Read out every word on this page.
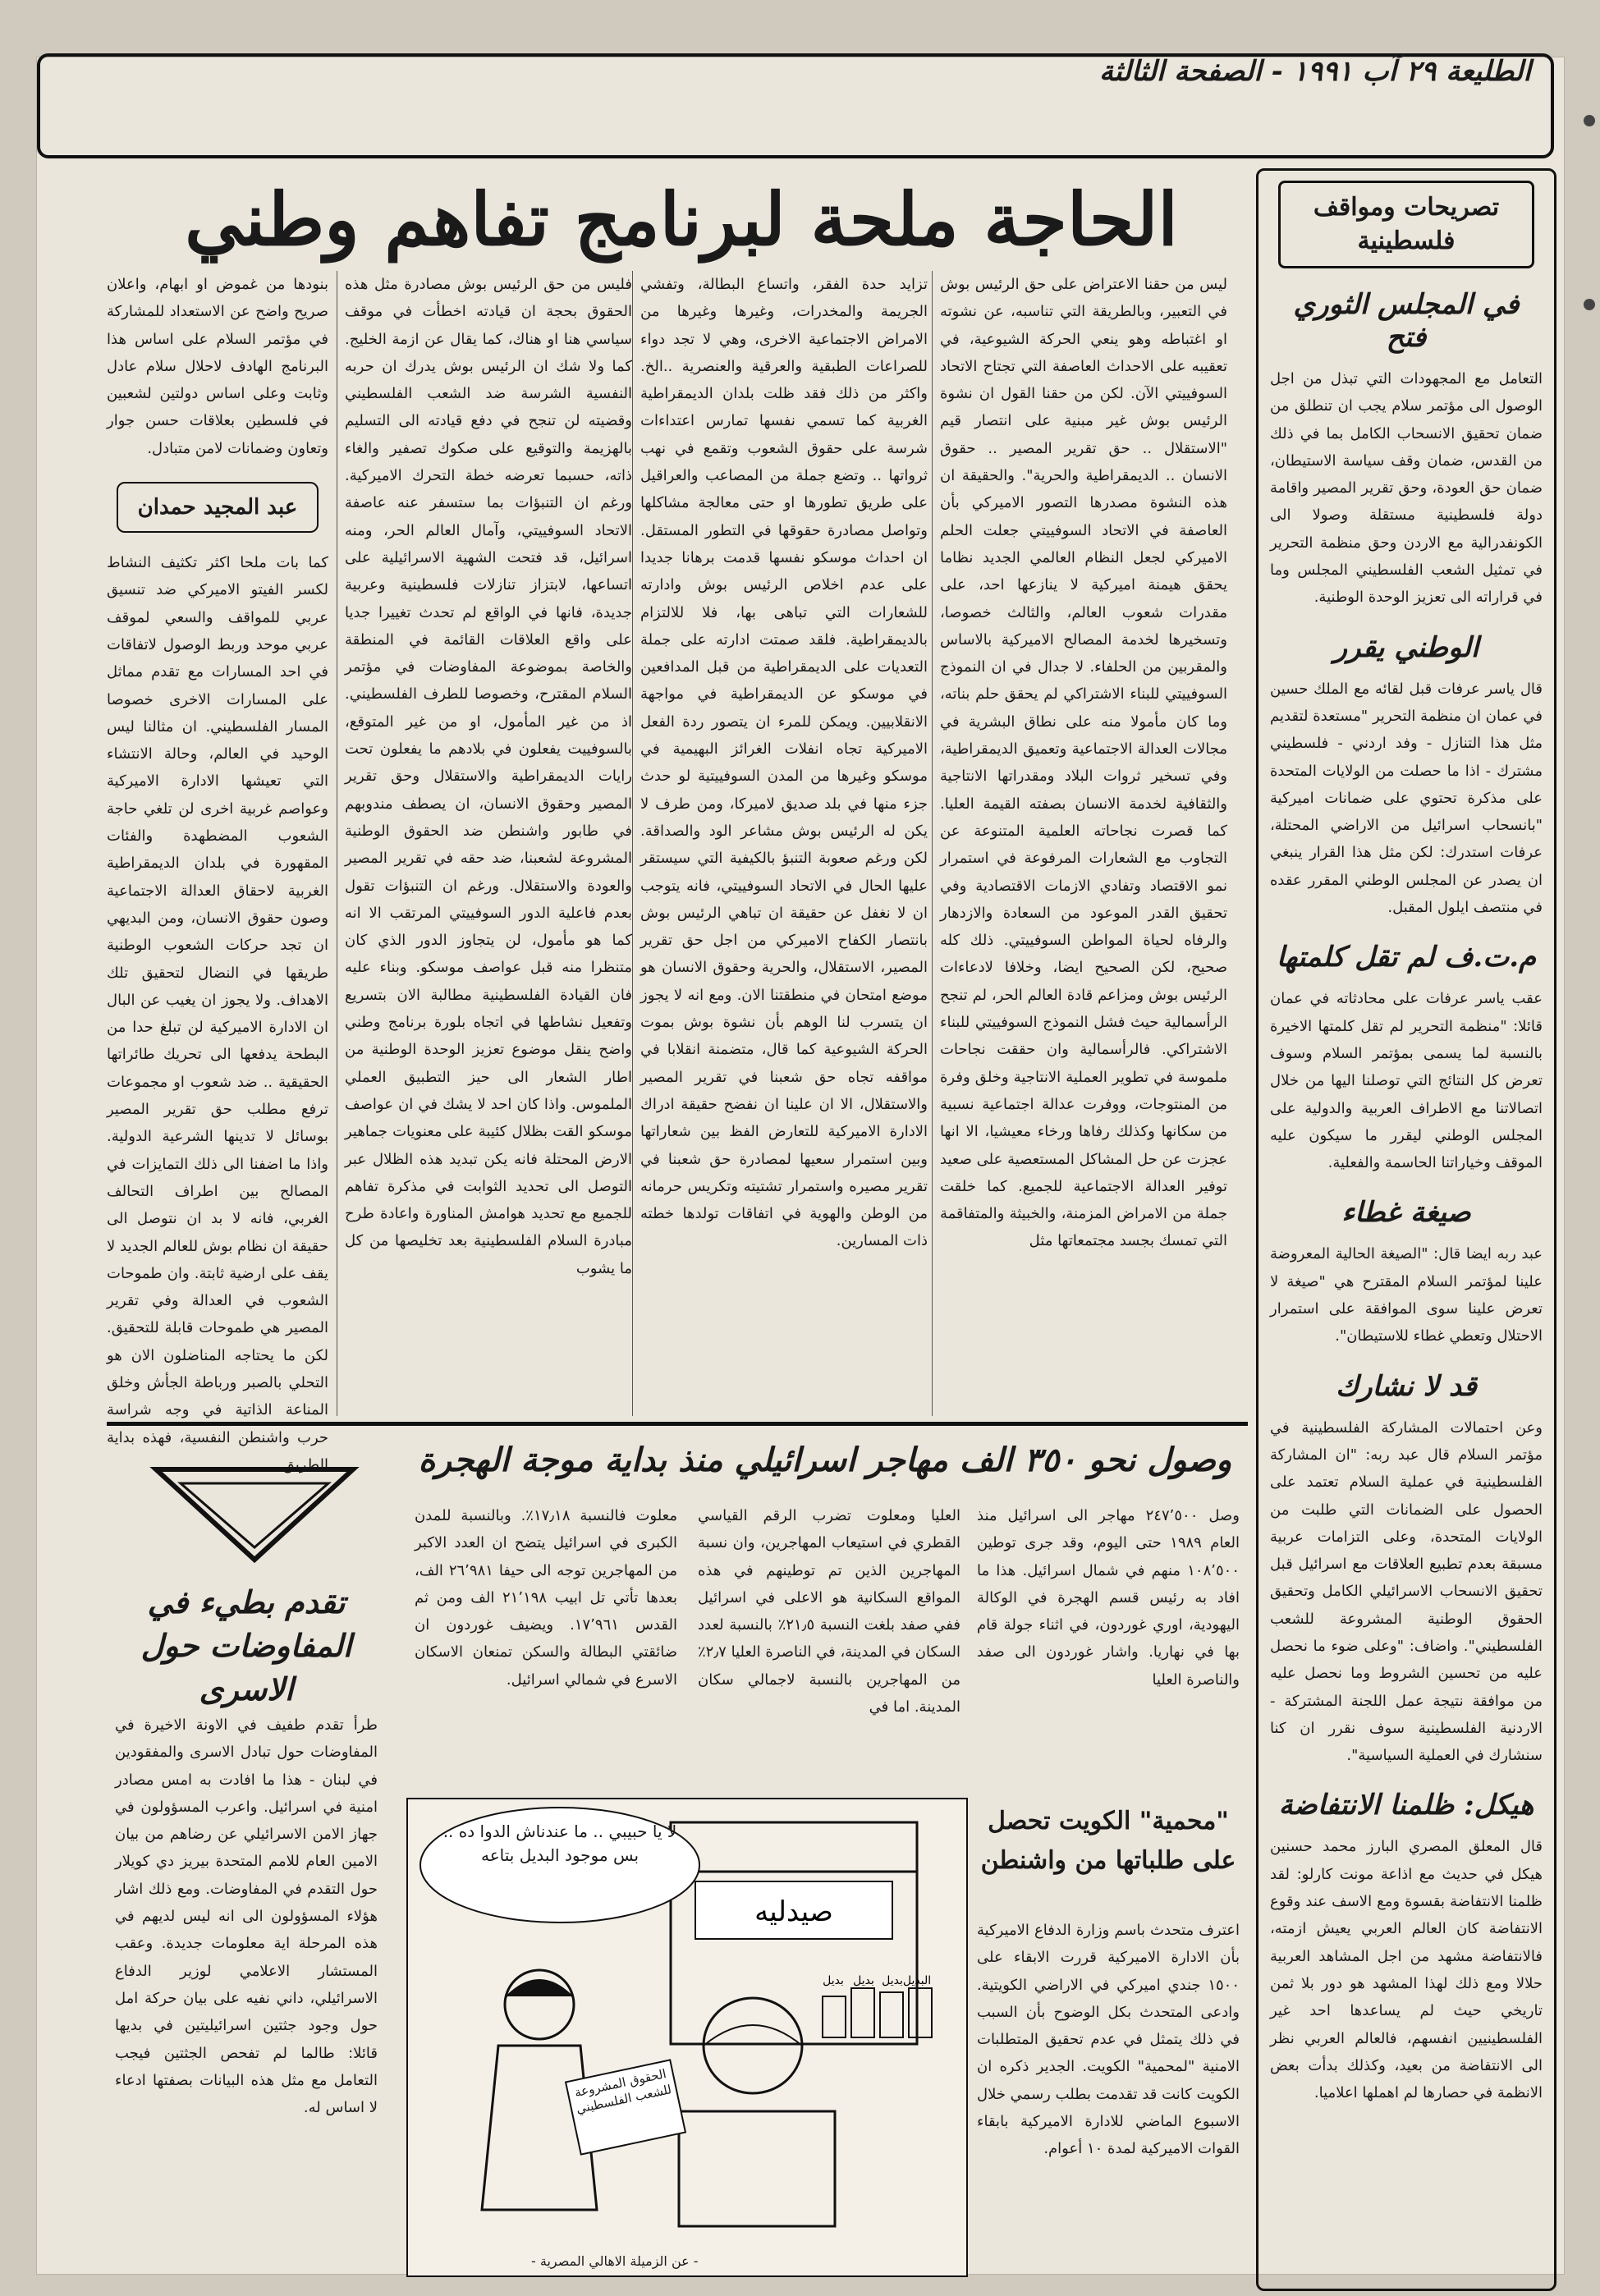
الطليعة ٢٩ آب ١٩٩١ - الصفحة الثالثة
الحاجة ملحة لبرنامج تفاهم وطني

ليس من حقنا الاعتراض على حق الرئيس بوش في التعبير، وبالطريقة التي تناسبه، عن نشوته او اغتباطه وهو ينعي الحركة الشيوعية، في تعقيبه على الاحداث العاصفة التي تجتاح الاتحاد السوفييتي الآن. لكن من حقنا القول ان نشوة الرئيس بوش غير مبنية على انتصار قيم "الاستقلال .. حق تقرير المصير .. حقوق الانسان .. الديمقراطية والحرية". والحقيقة ان هذه النشوة مصدرها التصور الاميركي بأن العاصفة في الاتحاد السوفييتي جعلت الحلم الاميركي لجعل النظام العالمي الجديد نظاما يحقق هيمنة اميركية لا ينازعها احد، على مقدرات شعوب العالم، والثالث خصوصا، وتسخيرها لخدمة المصالح الاميركية بالاساس والمقربين من الحلفاء. لا جدال في ان النموذج السوفييتي للبناء الاشتراكي لم يحقق حلم بناته، وما كان مأمولا منه على نطاق البشرية في مجالات العدالة الاجتماعية وتعميق الديمقراطية، وفي تسخير ثروات البلاد ومقدراتها الانتاجية والثقافية لخدمة الانسان بصفته القيمة العليا. كما قصرت نجاحاته العلمية المتنوعة عن التجاوب مع الشعارات المرفوعة في استمرار نمو الاقتصاد وتفادي الازمات الاقتصادية وفي تحقيق القدر الموعود من السعادة والازدهار والرفاه لحياة المواطن السوفييتي. ذلك كله صحيح، لكن الصحيح ايضا، وخلافا لادعاءات الرئيس بوش ومزاعم قادة العالم الحر، لم تنجح الرأسمالية حيث فشل النموذج السوفييتي للبناء الاشتراكي. فالرأسمالية وان حققت نجاحات ملموسة في تطوير العملية الانتاجية وخلق وفرة من المنتوجات، ووفرت عدالة اجتماعية نسبية من سكانها وكذلك رفاها ورخاء معيشيا، الا انها عجزت عن حل المشاكل المستعصية على صعيد توفير العدالة الاجتماعية للجميع. كما خلقت جملة من الامراض المزمنة، والخبيثة والمتفاقمة التي تمسك بجسد مجتمعاتها مثل

تزايد حدة الفقر، واتساع البطالة، وتفشي الجريمة والمخدرات، وغيرها وغيرها من الامراض الاجتماعية الاخرى، وهي لا تجد دواء للصراعات الطبقية والعرقية والعنصرية ..الخ. واكثر من ذلك فقد ظلت بلدان الديمقراطية الغربية كما تسمي نفسها تمارس اعتداءات شرسة على حقوق الشعوب وتقمع في نهب ثرواتها .. وتضع جملة من المصاعب والعراقيل على طريق تطورها او حتى معالجة مشاكلها وتواصل مصادرة حقوقها في التطور المستقل. ان احداث موسكو نفسها قدمت برهانا جديدا على عدم اخلاص الرئيس بوش وادارته للشعارات التي تباهى بها، فلا للالتزام بالديمقراطية. فلقد صمتت ادارته على جملة التعديات على الديمقراطية من قبل المدافعين في موسكو عن الديمقراطية في مواجهة الانقلابيين. ويمكن للمرء ان يتصور ردة الفعل الاميركية تجاه انفلات الغرائز البهيمية في موسكو وغيرها من المدن السوفييتية لو حدث جزء منها في بلد صديق لاميركا، ومن طرف لا يكن له الرئيس بوش مشاعر الود والصداقة. لكن ورغم صعوبة التنبؤ بالكيفية التي سيستقر عليها الحال في الاتحاد السوفييتي، فانه يتوجب ان لا نغفل عن حقيقة ان تباهي الرئيس بوش بانتصار الكفاح الاميركي من اجل حق تقرير المصير، الاستقلال، والحرية وحقوق الانسان هو موضع امتحان في منطقتنا الان. ومع انه لا يجوز ان يتسرب لنا الوهم بأن نشوة بوش بموت الحركة الشيوعية كما قال، متضمنة انقلابا في مواقفه تجاه حق شعبنا في تقرير المصير والاستقلال، الا ان علينا ان نفضح حقيقة ادراك الادارة الاميركية للتعارض الفظ بين شعاراتها وبين استمرار سعيها لمصادرة حق شعبنا في تقرير مصيره واستمرار تشتيته وتكريس حرمانه من الوطن والهوية في اتفاقات تولدها خطته ذات المسارين.

فليس من حق الرئيس بوش مصادرة مثل هذه الحقوق بحجة ان قيادته اخطأت في موقف سياسي هنا او هناك، كما يقال عن ازمة الخليج. كما ولا شك ان الرئيس بوش يدرك ان حربه النفسية الشرسة ضد الشعب الفلسطيني وقضيته لن تنجح في دفع قيادته الى التسليم بالهزيمة والتوقيع على صكوك تصفير والغاء ذاته، حسبما تعرضه خطة التحرك الاميركية. ورغم ان التنبؤات بما ستسفر عنه عاصفة الاتحاد السوفييتي، وآمال العالم الحر، ومنه اسرائيل، قد فتحت الشهية الاسرائيلية على اتساعها، لابتزاز تنازلات فلسطينية وعربية جديدة، فانها في الواقع لم تحدث تغييرا جديا على واقع العلاقات القائمة في المنطقة والخاصة بموضوعة المفاوضات في مؤتمر السلام المقترح، وخصوصا للطرف الفلسطيني. اذ من غير المأمول، او من غير المتوقع، بالسوفييت يفعلون في بلادهم ما يفعلون تحت رايات الديمقراطية والاستقلال وحق تقرير المصير وحقوق الانسان، ان يصطف مندوبهم في طابور واشنطن ضد الحقوق الوطنية المشروعة لشعبنا، ضد حقه في تقرير المصير والعودة والاستقلال. ورغم ان التنبؤات تقول بعدم فاعلية الدور السوفييتي المرتقب الا انه كما هو مأمول، لن يتجاوز الدور الذي كان متنظرا منه قبل عواصف موسكو. وبناء عليه فان القيادة الفلسطينية مطالبة الان بتسريع وتفعيل نشاطها في اتجاه بلورة برنامج وطني واضح ينقل موضوع تعزيز الوحدة الوطنية من اطار الشعار الى حيز التطبيق العملي الملموس. واذا كان احد لا يشك في ان عواصف موسكو القت بظلال كئيبة على معنويات جماهير الارض المحتلة فانه يكن تبديد هذه الظلال عبر التوصل الى تحديد الثوابت في مذكرة تفاهم للجميع مع تحديد هوامش المناورة واعادة طرح مبادرة السلام الفلسطينية بعد تخليصها من كل ما يشوب

بنودها من غموض او ابهام، واعلان صريح واضح عن الاستعداد للمشاركة في مؤتمر السلام على اساس هذا البرنامج الهادف لاحلال سلام عادل وثابت وعلى اساس دولتين لشعبين في فلسطين بعلاقات حسن جوار وتعاون وضمانات لامن متبادل.

عبد المجيد حمدان

كما بات ملحا اكثر تكثيف النشاط لكسر الفيتو الاميركي ضد تنسيق عربي للمواقف والسعي لموقف عربي موحد وربط الوصول لاتفاقات في احد المسارات مع تقدم مماثل على المسارات الاخرى خصوصا المسار الفلسطيني. ان مثالنا ليس الوحيد في العالم، وحالة الانتشاء التي تعيشها الادارة الاميركية وعواصم غربية اخرى لن تلغي حاجة الشعوب المضطهدة والفئات المقهورة في بلدان الديمقراطية الغربية لاحقاق العدالة الاجتماعية وصون حقوق الانسان، ومن البديهي ان تجد حركات الشعوب الوطنية طريقها في النضال لتحقيق تلك الاهداف. ولا يجوز ان يغيب عن البال ان الادارة الاميركية لن تبلغ حدا من البطحة يدفعها الى تحريك طائراتها الحقيقية .. ضد شعوب او مجموعات ترفع مطلب حق تقرير المصير بوسائل لا تدينها الشرعية الدولية. واذا ما اضفنا الى ذلك التمايزات في المصالح بين اطراف التحالف الغربي، فانه لا بد ان نتوصل الى حقيقة ان نظام بوش للعالم الجديد لا يقف على ارضية ثابتة. وان طموحات الشعوب في العدالة وفي تقرير المصير هي طموحات قابلة للتحقيق. لكن ما يحتاجه المناضلون الان هو التحلي بالصبر ورباطة الجأش وخلق المناعة الذاتية في وجه شراسة حرب واشنطن النفسية، فهذه بداية الطريق.

تصريحات ومواقف فلسطينية
في المجلس الثوري فتح

التعامل مع المجهودات التي تبذل من اجل الوصول الى مؤتمر سلام يجب ان تنطلق من ضمان تحقيق الانسحاب الكامل بما في ذلك من القدس، ضمان وقف سياسة الاستيطان، ضمان حق العودة، وحق تقرير المصير واقامة دولة فلسطينية مستقلة وصولا الى الكونفدرالية مع الاردن وحق منظمة التحرير في تمثيل الشعب الفلسطيني المجلس وما في قراراته الى تعزيز الوحدة الوطنية.

الوطني يقرر

قال ياسر عرفات قبل لقائه مع الملك حسين في عمان ان منظمة التحرير "مستعدة لتقديم مثل هذا التنازل - وفد اردني - فلسطيني مشترك - اذا ما حصلت من الولايات المتحدة على مذكرة تحتوي على ضمانات اميركية "بانسحاب اسرائيل من الاراضي المحتلة، عرفات استدرك: لكن مثل هذا القرار ينبغي ان يصدر عن المجلس الوطني المقرر عقده في منتصف ايلول المقبل.

م.ت.ف لم تقل كلمتها

عقب ياسر عرفات على محادثاته في عمان قائلا: "منظمة التحرير لم تقل كلمتها الاخيرة بالنسبة لما يسمى بمؤتمر السلام وسوف تعرض كل النتائج التي توصلنا اليها من خلال اتصالاتنا مع الاطراف العربية والدولية على المجلس الوطني ليقرر ما سيكون عليه الموقف وخياراتنا الحاسمة والفعلية.

صيغة غطاء

عبد ربه ايضا قال: "الصيغة الحالية المعروضة علينا لمؤتمر السلام المقترح هي "صيغة لا تعرض علينا سوى الموافقة على استمرار الاحتلال وتعطي غطاء للاستيطان".

قد لا نشارك

وعن احتمالات المشاركة الفلسطينية في مؤتمر السلام قال عبد ربه: "ان المشاركة الفلسطينية في عملية السلام تعتمد على الحصول على الضمانات التي طلبت من الولايات المتحدة، وعلى التزامات عربية مسبقة بعدم تطبيع العلاقات مع اسرائيل قبل تحقيق الانسحاب الاسرائيلي الكامل وتحقيق الحقوق الوطنية المشروعة للشعب الفلسطيني". واضاف: "وعلى ضوء ما نحصل عليه من تحسين الشروط وما نحصل عليه من موافقة نتيجة عمل اللجنة المشتركة - الاردنية الفلسطينية سوف نقرر ان كنا سنشارك في العملية السياسية".

هيكل: ظلمنا الانتفاضة

قال المعلق المصري البارز محمد حسنين هيكل في حديث مع اذاعة مونت كارلو: لقد ظلمنا الانتفاضة بقسوة ومع الاسف عند وقوع الانتفاضة كان العالم العربي يعيش ازمته، فالانتفاضة مشهد من اجل المشاهد العربية حلالا ومع ذلك لهذا المشهد هو دور بلا ثمن تاريخي حيث لم يساعدها احد غير الفلسطينيين انفسهم، فالعالم العربي نظر الى الانتفاضة من بعيد، وكذلك بدأت بعض الانظمة في حصارها لم اهملها اعلاميا.

وصول نحو ٣٥٠ الف مهاجر اسرائيلي منذ بداية موجة الهجرة

وصل ٢٤٧٬٥٠٠ مهاجر الى اسرائيل منذ العام ١٩٨٩ حتى اليوم، وقد جرى توطين ١٠٨٬٥٠٠ منهم في شمال اسرائيل. هذا ما افاد به رئيس قسم الهجرة في الوكالة اليهودية، اوري غوردون، في اثناء جولة قام بها في نهاريا. واشار غوردون الى صفد والناصرة العليا

العليا ومعلوت تضرب الرقم القياسي القطري في استيعاب المهاجرين، وان نسبة المهاجرين الذين تم توطينهم في هذه المواقع السكانية هو الاعلى في اسرائيل ففي صفد بلغت النسبة ٢١٫٥٪ بالنسبة لعدد السكان في المدينة، في الناصرة العليا ٢٫٧٪ من المهاجرين بالنسبة لاجمالي سكان المدينة. اما في

معلوت فالنسبة ١٧٫١٨٪. وبالنسبة للمدن الكبرى في اسرائيل يتضح ان العدد الاكبر من المهاجرين توجه الى حيفا ٢٦٬٩٨١ الف، بعدها تأتي تل ابيب ٢١٬١٩٨ الف ومن ثم القدس ١٧٬٩٦١. ويضيف غوردون ان ضائقتي البطالة والسكن تمنعان الاسكان الاسرع في شمالي اسرائيل.

تقدم بطيء في المفاوضات حول الاسرى

طرأ تقدم طفيف في الاونة الاخيرة في المفاوضات حول تبادل الاسرى والمفقودين في لبنان - هذا ما افادت به امس مصادر امنية في اسرائيل. واعرب المسؤولون في جهاز الامن الاسرائيلي عن رضاهم من بيان الامين العام للامم المتحدة بيريز دي كويلار حول التقدم في المفاوضات. ومع ذلك اشار هؤلاء المسؤولون الى انه ليس لديهم في هذه المرحلة اية معلومات جديدة. وعقب المستشار الاعلامي لوزير الدفاع الاسرائيلي، داني نفيه على بيان حركة امل حول وجود جثتين اسرائيليتين في بديها قائلا: طالما لم تفحص الجثتين فيجب التعامل مع مثل هذه البيانات بصفتها ادعاء لا اساس له.

"محمية" الكويت تحصل على طلباتها من واشنطن

اعترف متحدث باسم وزارة الدفاع الاميركية بأن الادارة الاميركية قررت الابقاء على ١٥٠٠ جندي اميركي في الاراضي الكويتية. وادعى المتحدث بكل الوضوح بأن السبب في ذلك يتمثل في عدم تحقيق المتطلبات الامنية "لمحمية" الكويت. الجدير ذكره ان الكويت كانت قد تقدمت بطلب رسمي خلال الاسبوع الماضي للادارة الاميركية بابقاء القوات الاميركية لمدة ١٠ أعوام.

صيدليه
البديل
بديل
بديل
بديل
لا يا حبيبي .. ما عندناش الدوا ده .. بس موجود البديل بتاعه
الحقوق المشروعة للشعب الفلسطيني
- عن الزميلة الاهالي المصرية -
